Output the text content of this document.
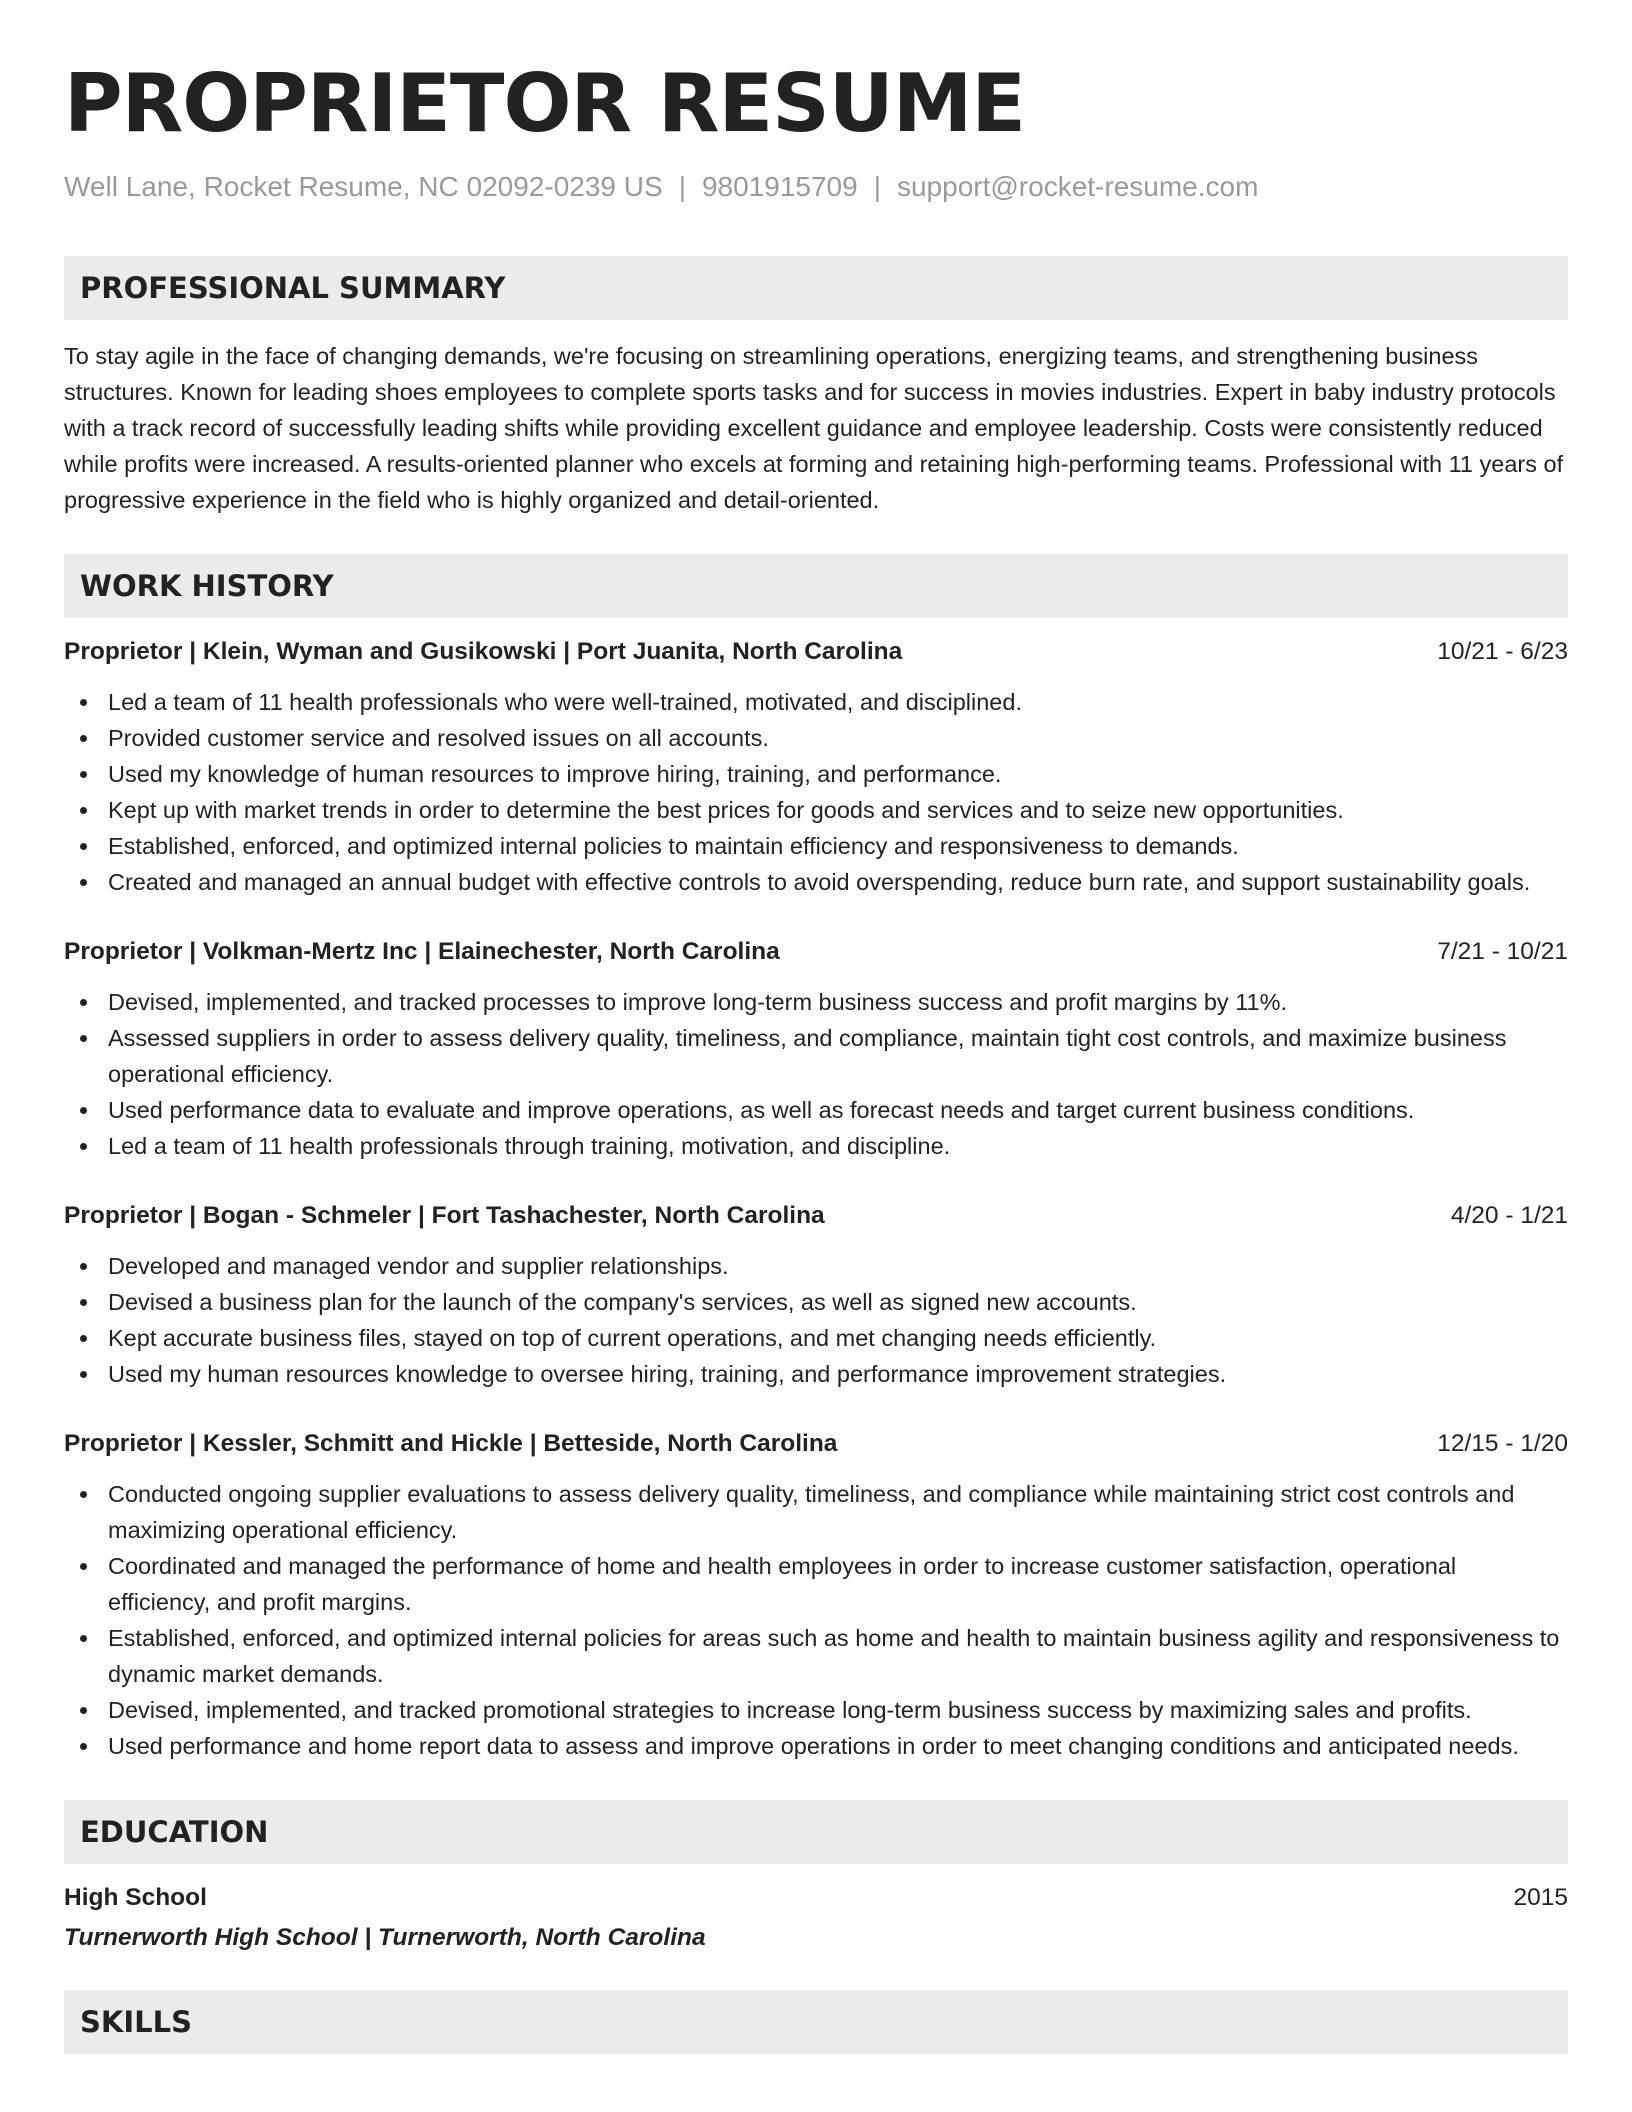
PROPRIETOR RESUME
Well Lane, Rocket Resume, NC 02092-0239 US | 9801915709 | support@rocket-resume.com
PROFESSIONAL SUMMARY

To stay agile in the face of changing demands, we're focusing on streamlining operations, energizing teams, and strengthening business structures. Known for leading shoes employees to complete sports tasks and for success in movies industries. Expert in baby industry protocols with a track record of successfully leading shifts while providing excellent guidance and employee leadership. Costs were consistently reduced while profits were increased. A results-oriented planner who excels at forming and retaining high-performing teams. Professional with 11 years of progressive experience in the field who is highly organized and detail-oriented.

WORK HISTORY
Proprietor | Klein, Wyman and Gusikowski | Port Juanita, North Carolina	10/21 - 6/23
Led a team of 11 health professionals who were well-trained, motivated, and disciplined.
Provided customer service and resolved issues on all accounts.
Used my knowledge of human resources to improve hiring, training, and performance.
Kept up with market trends in order to determine the best prices for goods and services and to seize new opportunities.
Established, enforced, and optimized internal policies to maintain efficiency and responsiveness to demands.
Created and managed an annual budget with effective controls to avoid overspending, reduce burn rate, and support sustainability goals.
Proprietor | Volkman-Mertz Inc | Elainechester, North Carolina	7/21 - 10/21
Devised, implemented, and tracked processes to improve long-term business success and profit margins by 11%.
Assessed suppliers in order to assess delivery quality, timeliness, and compliance, maintain tight cost controls, and maximize business operational efficiency.
Used performance data to evaluate and improve operations, as well as forecast needs and target current business conditions.
Led a team of 11 health professionals through training, motivation, and discipline.
Proprietor | Bogan - Schmeler | Fort Tashachester, North Carolina	4/20 - 1/21
Developed and managed vendor and supplier relationships.
Devised a business plan for the launch of the company's services, as well as signed new accounts.
Kept accurate business files, stayed on top of current operations, and met changing needs efficiently.
Used my human resources knowledge to oversee hiring, training, and performance improvement strategies.
Proprietor | Kessler, Schmitt and Hickle | Betteside, North Carolina	12/15 - 1/20
Conducted ongoing supplier evaluations to assess delivery quality, timeliness, and compliance while maintaining strict cost controls and maximizing operational efficiency.
Coordinated and managed the performance of home and health employees in order to increase customer satisfaction, operational efficiency, and profit margins.
Established, enforced, and optimized internal policies for areas such as home and health to maintain business agility and responsiveness to dynamic market demands.
Devised, implemented, and tracked promotional strategies to increase long-term business success by maximizing sales and profits.
Used performance and home report data to assess and improve operations in order to meet changing conditions and anticipated needs.
EDUCATION
High School	2015
Turnerworth High School | Turnerworth, North Carolina
SKILLS
